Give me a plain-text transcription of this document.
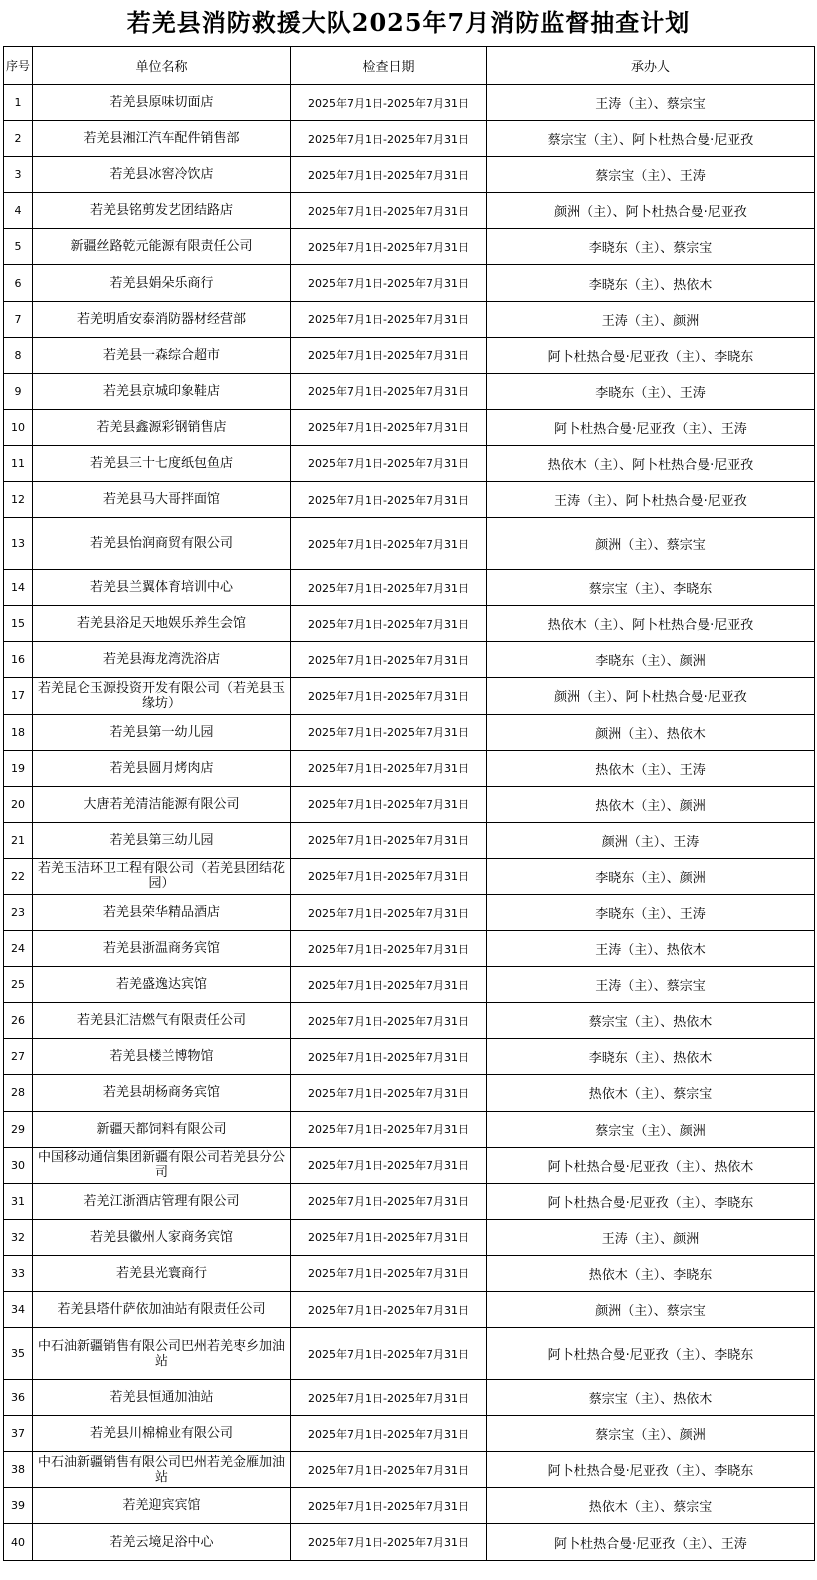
若羌县消防救援大队2025年7月消防监督抽查计划
序号	单位名称	检查日期	承办人
1	若羌县原味切面店	2025年7月1日-2025年7月31日	王涛（主）、蔡宗宝
2	若羌县湘江汽车配件销售部	2025年7月1日-2025年7月31日	蔡宗宝（主）、阿卜杜热合曼·尼亚孜
3	若羌县冰窖冷饮店	2025年7月1日-2025年7月31日	蔡宗宝（主）、王涛
4	若羌县铭剪发艺团结路店	2025年7月1日-2025年7月31日	颜洲（主）、阿卜杜热合曼·尼亚孜
5	新疆丝路乾元能源有限责任公司	2025年7月1日-2025年7月31日	李晓东（主）、蔡宗宝
6	若羌县娟朵乐商行	2025年7月1日-2025年7月31日	李晓东（主）、热依木
7	若羌明盾安泰消防器材经营部	2025年7月1日-2025年7月31日	王涛（主）、颜洲
8	若羌县一森综合超市	2025年7月1日-2025年7月31日	阿卜杜热合曼·尼亚孜（主）、李晓东
9	若羌县京城印象鞋店	2025年7月1日-2025年7月31日	李晓东（主）、王涛
10	若羌县鑫源彩钢销售店	2025年7月1日-2025年7月31日	阿卜杜热合曼·尼亚孜（主）、王涛
11	若羌县三十七度纸包鱼店	2025年7月1日-2025年7月31日	热依木（主）、阿卜杜热合曼·尼亚孜
12	若羌县马大哥拌面馆	2025年7月1日-2025年7月31日	王涛（主）、阿卜杜热合曼·尼亚孜
13	若羌县怡润商贸有限公司	2025年7月1日-2025年7月31日	颜洲（主）、蔡宗宝
14	若羌县兰翼体育培训中心	2025年7月1日-2025年7月31日	蔡宗宝（主）、李晓东
15	若羌县浴足天地娱乐养生会馆	2025年7月1日-2025年7月31日	热依木（主）、阿卜杜热合曼·尼亚孜
16	若羌县海龙湾洗浴店	2025年7月1日-2025年7月31日	李晓东（主）、颜洲
17	若羌昆仑玉源投资开发有限公司（若羌县玉缘坊）	2025年7月1日-2025年7月31日	颜洲（主）、阿卜杜热合曼·尼亚孜
18	若羌县第一幼儿园	2025年7月1日-2025年7月31日	颜洲（主）、热依木
19	若羌县圆月烤肉店	2025年7月1日-2025年7月31日	热依木（主）、王涛
20	大唐若羌清洁能源有限公司	2025年7月1日-2025年7月31日	热依木（主）、颜洲
21	若羌县第三幼儿园	2025年7月1日-2025年7月31日	颜洲（主）、王涛
22	若羌玉洁环卫工程有限公司（若羌县团结花园）	2025年7月1日-2025年7月31日	李晓东（主）、颜洲
23	若羌县荣华精品酒店	2025年7月1日-2025年7月31日	李晓东（主）、王涛
24	若羌县浙温商务宾馆	2025年7月1日-2025年7月31日	王涛（主）、热依木
25	若羌盛逸达宾馆	2025年7月1日-2025年7月31日	王涛（主）、蔡宗宝
26	若羌县汇洁燃气有限责任公司	2025年7月1日-2025年7月31日	蔡宗宝（主）、热依木
27	若羌县楼兰博物馆	2025年7月1日-2025年7月31日	李晓东（主）、热依木
28	若羌县胡杨商务宾馆	2025年7月1日-2025年7月31日	热依木（主）、蔡宗宝
29	新疆天都饲料有限公司	2025年7月1日-2025年7月31日	蔡宗宝（主）、颜洲
30	中国移动通信集团新疆有限公司若羌县分公司	2025年7月1日-2025年7月31日	阿卜杜热合曼·尼亚孜（主）、热依木
31	若羌江浙酒店管理有限公司	2025年7月1日-2025年7月31日	阿卜杜热合曼·尼亚孜（主）、李晓东
32	若羌县徽州人家商务宾馆	2025年7月1日-2025年7月31日	王涛（主）、颜洲
33	若羌县光寰商行	2025年7月1日-2025年7月31日	热依木（主）、李晓东
34	若羌县塔什萨依加油站有限责任公司	2025年7月1日-2025年7月31日	颜洲（主）、蔡宗宝
35	中石油新疆销售有限公司巴州若羌枣乡加油站	2025年7月1日-2025年7月31日	阿卜杜热合曼·尼亚孜（主）、李晓东
36	若羌县恒通加油站	2025年7月1日-2025年7月31日	蔡宗宝（主）、热依木
37	若羌县川棉棉业有限公司	2025年7月1日-2025年7月31日	蔡宗宝（主）、颜洲
38	中石油新疆销售有限公司巴州若羌金雁加油站	2025年7月1日-2025年7月31日	阿卜杜热合曼·尼亚孜（主）、李晓东
39	若羌迎宾宾馆	2025年7月1日-2025年7月31日	热依木（主）、蔡宗宝
40	若羌云境足浴中心	2025年7月1日-2025年7月31日	阿卜杜热合曼·尼亚孜（主）、王涛
